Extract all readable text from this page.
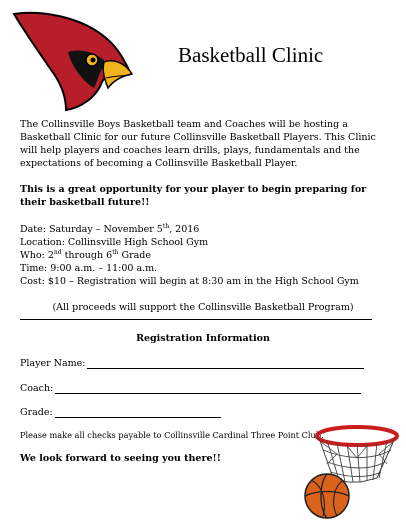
Basketball Clinic
The Collinsville Boys Basketball team and Coaches will be hosting a Basketball Clinic for our future Collinsville Basketball Players. This Clinic will help players and coaches learn drills, plays, fundamentals and the expectations of becoming a Collinsville Basketball Player.
This is a great opportunity for your player to begin preparing for their basketball future!!
Date: Saturday – November 5th, 2016
Location: Collinsville High School Gym
Who: 2nd through 6th Grade
Time: 9:00 a.m. – 11:00 a.m.
Cost: $10 – Registration will begin at 8:30 am in the High School Gym
(All proceeds will support the Collinsville Basketball Program)
Registration Information
Player Name:
Coach:
Grade:
Please make all checks payable to Collinsville Cardinal Three Point Club.
We look forward to seeing you there!!
